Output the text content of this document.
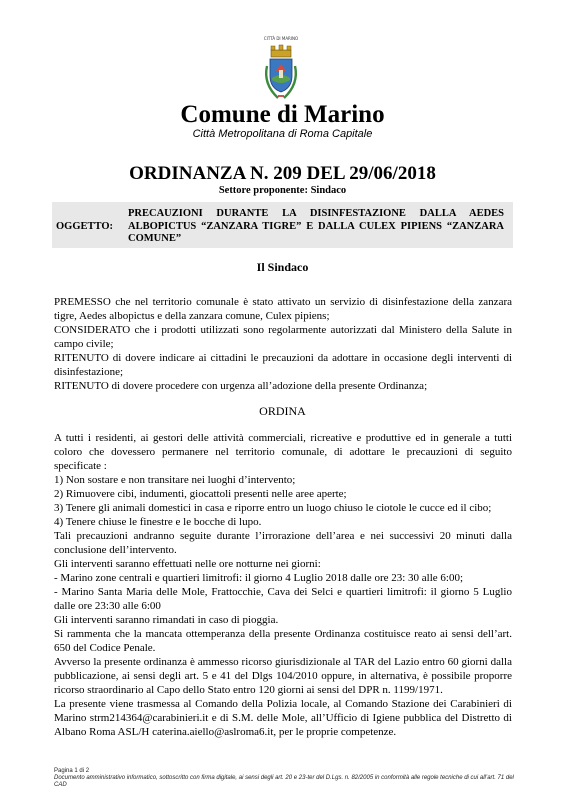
CITTÀ DI MARINO
Comune di Marino
Città Metropolitana di Roma Capitale
ORDINANZA N. 209 DEL 29/06/2018
Settore proponente: Sindaco
OGGETTO:
PRECAUZIONI DURANTE LA DISINFESTAZIONE DALLA AEDES ALBOPICTUS “ZANZARA TIGRE” E DALLA CULEX PIPIENS “ZANZARA COMUNE”
Il Sindaco

PREMESSO che nel territorio comunale è stato attivato un servizio di disinfestazione della zanzara tigre, Aedes albopictus e della zanzara comune, Culex pipiens;

CONSIDERATO che i prodotti utilizzati sono regolarmente autorizzati dal Ministero della Salute in campo civile;

RITENUTO di dovere indicare ai cittadini le precauzioni da adottare in occasione degli interventi di disinfestazione;

RITENUTO di dovere procedere con urgenza all’adozione della presente Ordinanza;

ORDINA

A tutti i residenti, ai gestori delle attività commerciali, ricreative e produttive ed in generale a tutti coloro che dovessero permanere nel territorio comunale, di adottare le precauzioni di seguito specificate :

1) Non sostare e non transitare nei luoghi d’intervento;

2) Rimuovere cibi, indumenti, giocattoli presenti nelle aree aperte;

3) Tenere gli animali domestici in casa e riporre entro un luogo chiuso le ciotole le cucce ed il cibo;

4) Tenere chiuse le finestre e le bocche di lupo.

Tali precauzioni andranno seguite durante l’irrorazione dell’area e nei successivi 20 minuti dalla conclusione dell’intervento.

Gli interventi saranno effettuati nelle ore notturne nei giorni:

- Marino zone centrali e quartieri limitrofi: il giorno 4 Luglio 2018 dalle ore 23: 30 alle 6:00;

- Marino Santa Maria delle Mole, Frattocchie, Cava dei Selci e quartieri limitrofi: il giorno 5 Luglio dalle ore 23:30 alle 6:00

Gli interventi saranno rimandati in caso di pioggia.

Si rammenta che la mancata ottemperanza della presente Ordinanza costituisce reato ai sensi dell’art. 650 del Codice Penale.

Avverso la presente ordinanza è ammesso ricorso giurisdizionale al TAR del Lazio entro 60 giorni dalla pubblicazione, ai sensi degli art. 5 e 41 del Dlgs 104/2010 oppure, in alternativa, è possibile proporre ricorso straordinario al Capo dello Stato entro 120 giorni ai sensi del DPR n. 1199/1971.

La presente viene trasmessa al Comando della Polizia locale, al Comando Stazione dei Carabinieri di Marino strm214364@carabinieri.it e di S.M. delle Mole, all’Ufficio di Igiene pubblica del Distretto di Albano Roma ASL/H caterina.aiello@aslroma6.it, per le proprie competenze.

Pagina 1 di 2
Documento amministrativo informatico, sottoscritto con firma digitale, ai sensi degli art. 20 e 23-ter del D.Lgs. n. 82/2005 in conformità alle regole tecniche di cui all’art. 71 del CAD
